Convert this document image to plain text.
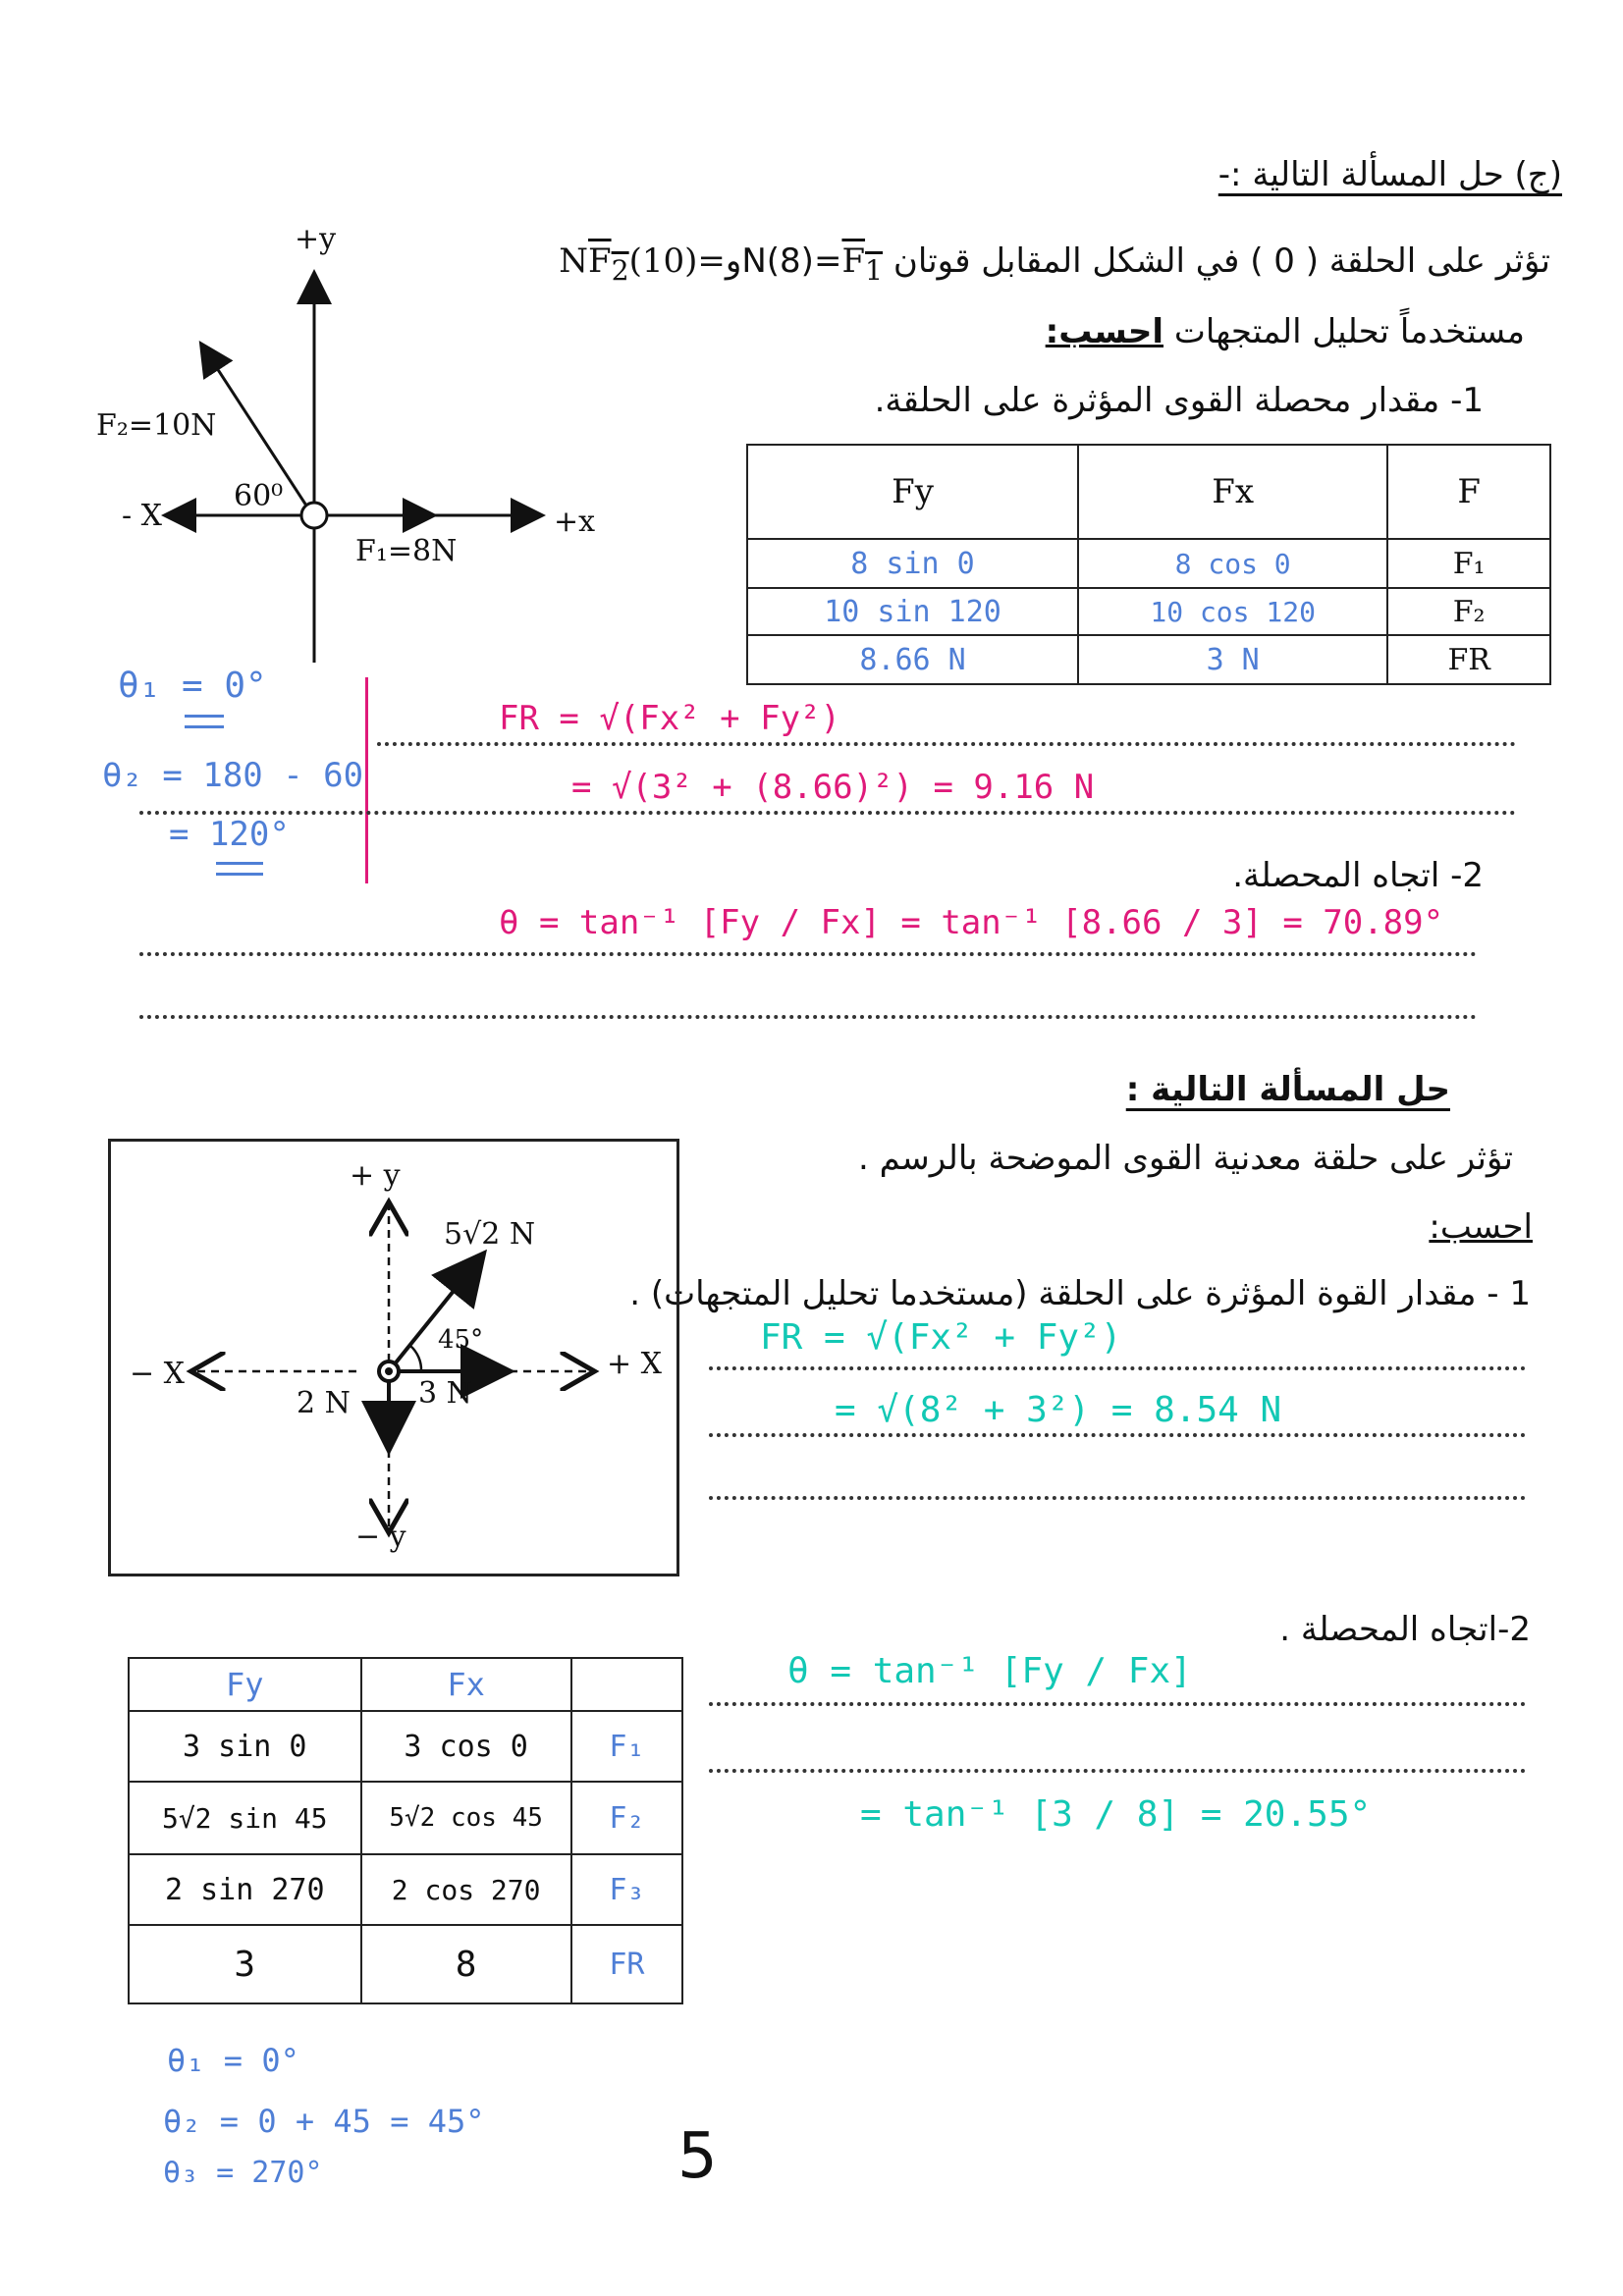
(ج) حل المسألة التالية :-
تؤثر على الحلقة ( 0 ) في الشكل المقابل قوتان $N(8)=F_1و=(10)NF_2$
مستخدماً تحليل المتجهات احسب:
1- مقدار محصلة القوى المؤثرة على الحلقة.
+y
F₂=10N
60⁰
- X	+x
F₁=8N
Fy	Fx	F
8 sin 0	8 cos 0	F₁
10 sin 120	10 cos 120	F₂
8.66 N	3 N	FR
θ₁ = 0°
θ₂ = 180 - 60
= 120°
FR = √(Fx² + Fy²)
= √(3² + (8.66)²) = 9.16 N
2- اتجاه المحصلة.
θ = tan⁻¹ [Fy / Fx] = tan⁻¹ [8.66 / 3] = 70.89°
حل المسألة التالية :
تؤثر على حلقة معدنية القوى الموضحة بالرسم .
احسب:
1 - مقدار القوة المؤثرة على الحلقة (مستخدما تحليل المتجهات) .
+ y
5√2 N
45°
− X	+ X
2 N 3 N
− y
FR = √(Fx² + Fy²)
= √(8² + 3²) = 8.54 N
2-اتجاه المحصلة .
θ = tan⁻¹ [Fy / Fx]
= tan⁻¹ [3 / 8] = 20.55°
Fy	Fx	
3 sin 0	3 cos 0	F₁
5√2 sin 45	5√2 cos 45	F₂
2 sin 270	2 cos 270	F₃
3	8	FR
θ₁ = 0°
θ₂ = 0 + 45 = 45°
θ₃ = 270°	5
